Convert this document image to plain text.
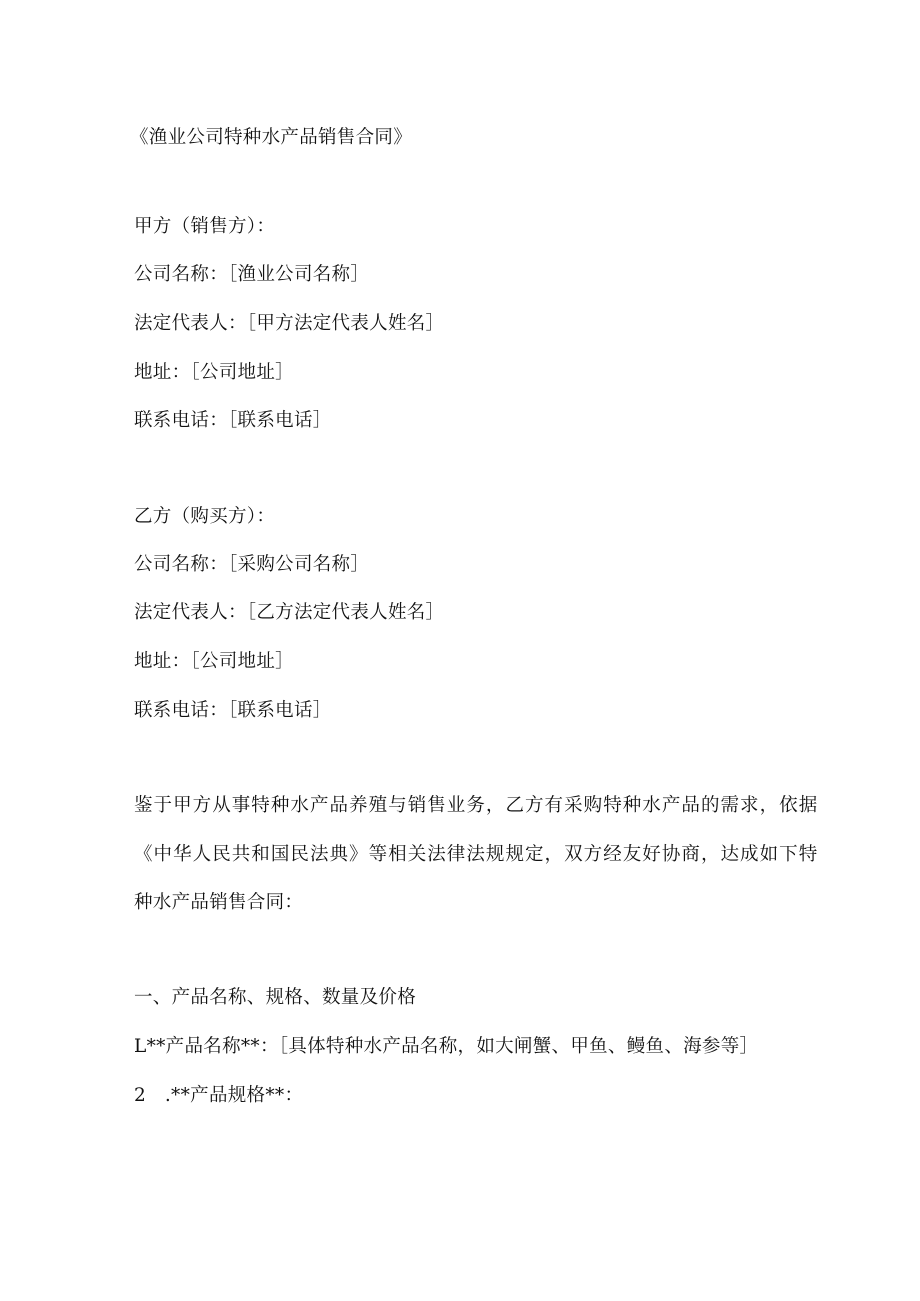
《渔业公司特种水产品销售合同》
甲方（销售方）：
公司名称：［渔业公司名称］
法定代表人：［甲方法定代表人姓名］
地址：［公司地址］
联系电话：［联系电话］
乙方（购买方）：
公司名称：［采购公司名称］
法定代表人：［乙方法定代表人姓名］
地址：［公司地址］
联系电话：［联系电话］
鉴于甲方从事特种水产品养殖与销售业务，乙方有采购特种水产品的需求，依据
《中华人民共和国民法典》等相关法律法规规定，双方经友好协商，达成如下特
种水产品销售合同：
一、产品名称、规格、数量及价格
L**产品名称**：［具体特种水产品名称，如大闸蟹、甲鱼、鳗鱼、海参等］
2　.**产品规格**：
